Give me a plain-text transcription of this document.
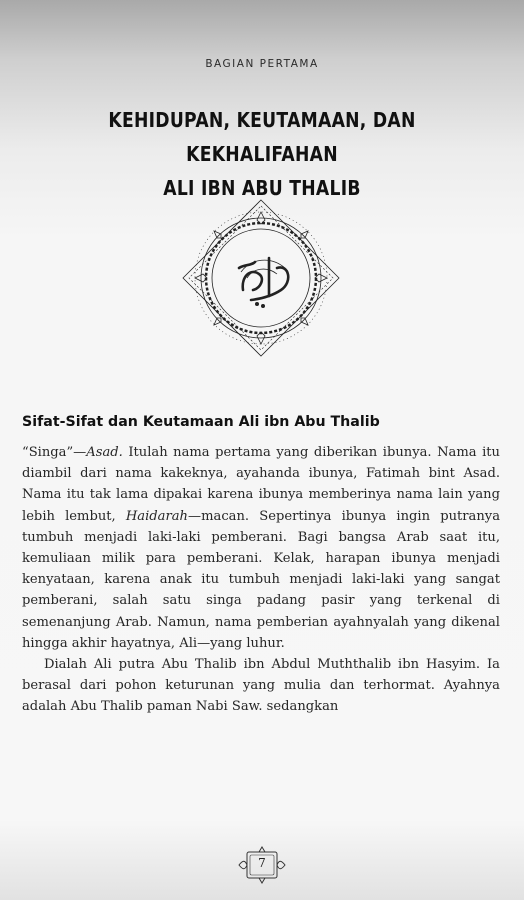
BAGIAN PERTAMA
KEHIDUPAN, KEUTAMAAN, DAN KEKHALIFAHAN
ALI IBN ABU THALIB
Sifat-Sifat dan Keutamaan Ali ibn Abu Thalib

“Singa”—Asad. Itulah nama pertama yang diberikan ibunya. Nama itu diambil dari nama kakeknya, ayahanda ibunya, Fatimah bint Asad. Nama itu tak lama dipakai karena ibunya memberinya nama lain yang lebih lembut, Haidarah—macan. Sepertinya ibunya ingin putranya tumbuh menjadi laki-laki pemberani. Bagi bangsa Arab saat itu, kemuliaan milik para pemberani. Kelak, harapan ibunya menjadi kenyataan, karena anak itu tumbuh menjadi laki-laki yang sangat pemberani, salah satu singa padang pasir yang terkenal di semenanjung Arab. Namun, nama pemberian ayahnyalah yang dikenal hingga akhir hayatnya, Ali—yang luhur.

Dialah Ali putra Abu Thalib ibn Abdul Muththalib ibn Hasyim. Ia berasal dari pohon keturunan yang mulia dan terhormat. Ayahnya adalah Abu Thalib paman Nabi Saw. sedangkan

7
